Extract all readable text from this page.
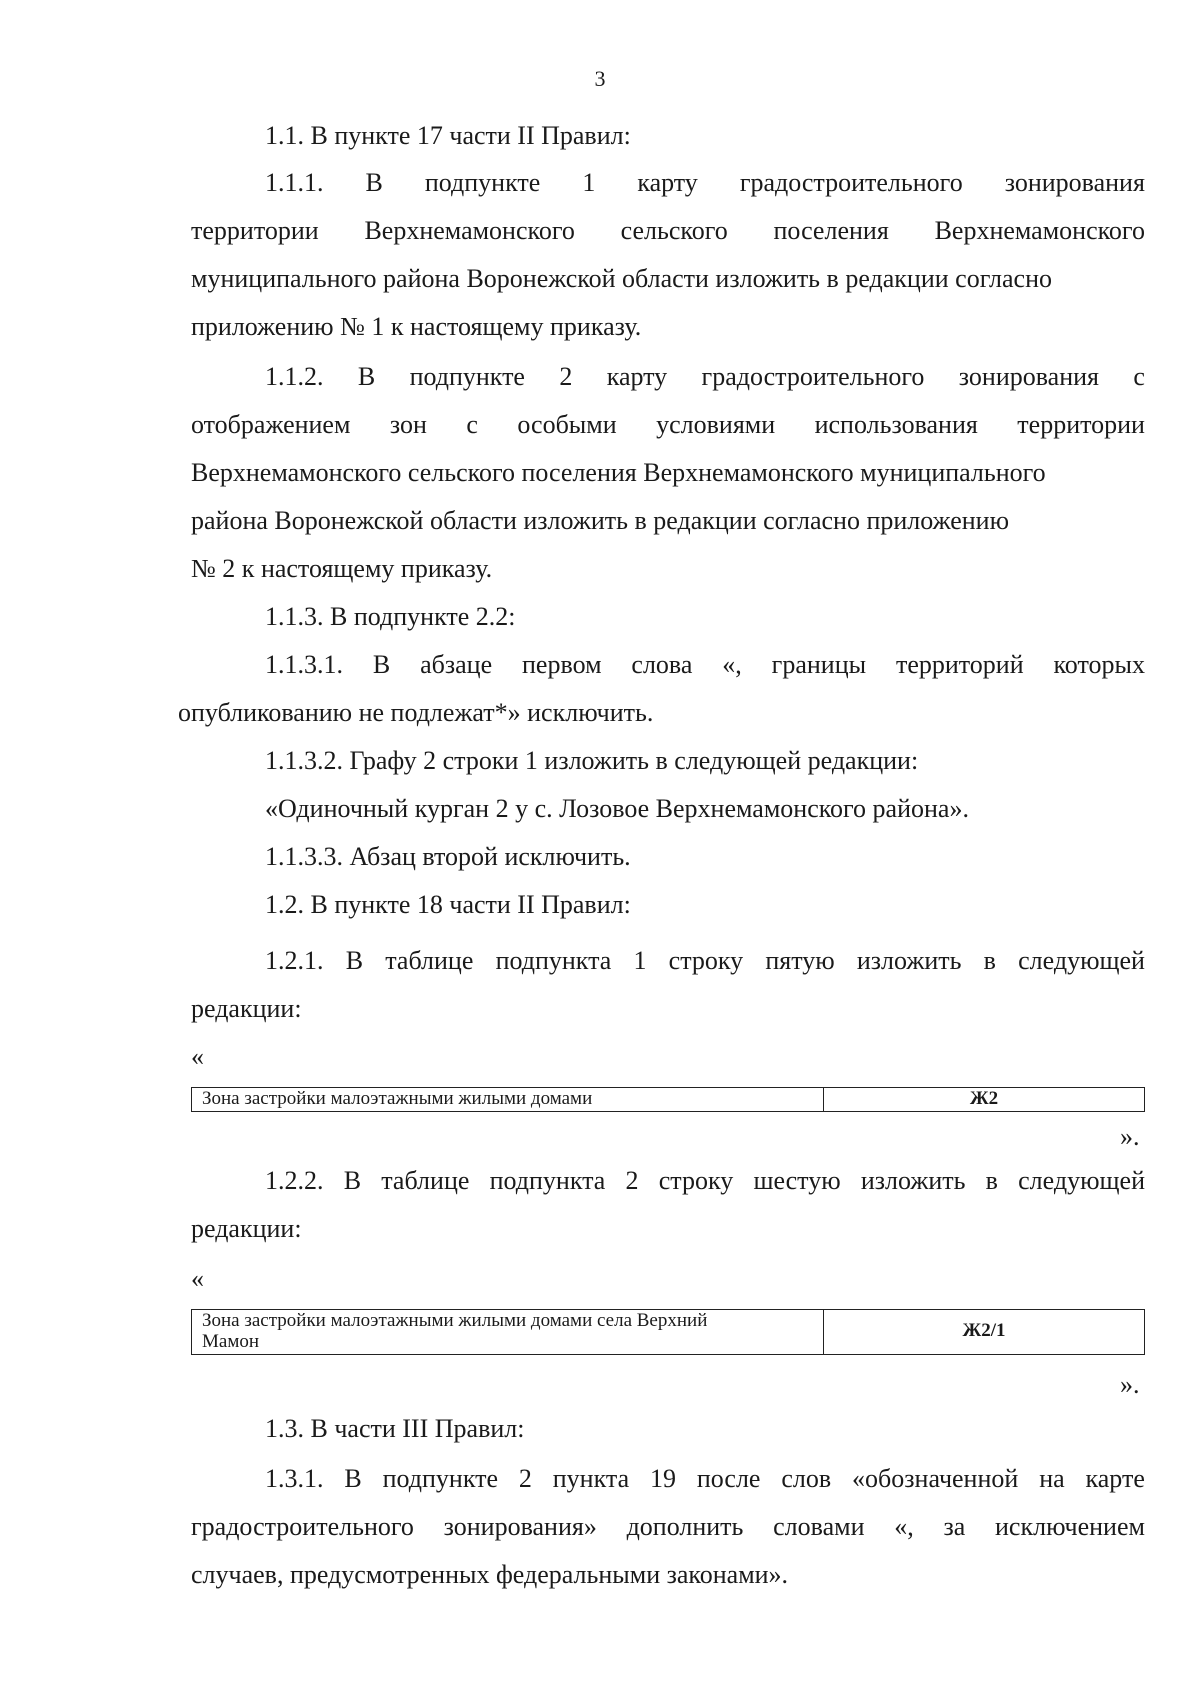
3
1.1. В пункте 17 части II Правил:
1.1.1. В подпункте 1 карту градостроительного зонирования
территории Верхнемамонского сельского поселения Верхнемамонского
муниципального района Воронежской области изложить в редакции согласно
приложению № 1 к настоящему приказу.
1.1.2. В подпункте 2 карту градостроительного зонирования с
отображением зон с особыми условиями использования территории
Верхнемамонского сельского поселения Верхнемамонского муниципального
района Воронежской области изложить в редакции согласно приложению
№ 2 к настоящему приказу.
1.1.3. В подпункте 2.2:
1.1.3.1. В абзаце первом слова «, границы территорий которых
опубликованию не подлежат*» исключить.
1.1.3.2. Графу 2 строки 1 изложить в следующей редакции:
«Одиночный курган 2 у с. Лозовое Верхнемамонского района».
1.1.3.3. Абзац второй исключить.
1.2. В пункте 18 части II Правил:
1.2.1. В таблице подпункта 1 строку пятую изложить в следующей
редакции:
«
Зона застройки малоэтажными жилыми домами	Ж2
».
1.2.2. В таблице подпункта 2 строку шестую изложить в следующей
редакции:
«
Зона застройки малоэтажными жилыми домами села Верхний
Мамон	Ж2/1
».
1.3. В части III Правил:
1.3.1. В подпункте 2 пункта 19 после слов «обозначенной на карте
градостроительного зонирования» дополнить словами «, за исключением
случаев, предусмотренных федеральными законами».
